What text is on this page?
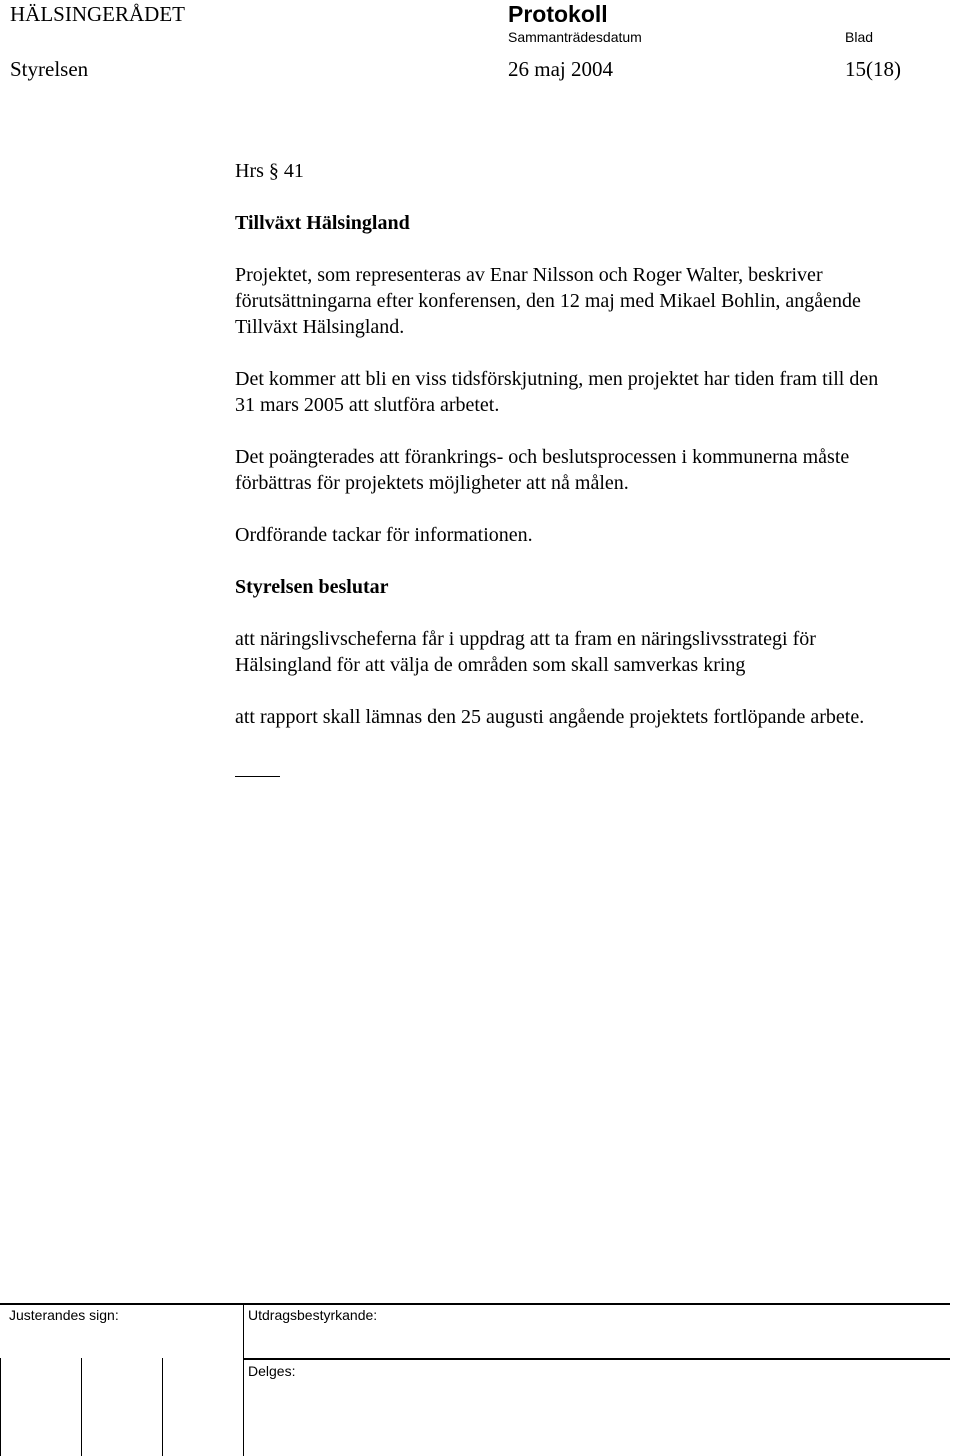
HÄLSINGERÅDET	Protokoll
Sammanträdesdatum	Blad
Styrelsen	26 maj 2004	15(18)
Hrs § 41
Tillväxt Hälsingland
Projektet, som representeras av Enar Nilsson och Roger Walter, beskriver
förutsättningarna efter konferensen, den 12 maj med Mikael Bohlin, angående
Tillväxt Hälsingland.
Det kommer att bli en viss tidsförskjutning, men projektet har tiden fram till den
31 mars 2005 att slutföra arbetet.
Det poängterades att förankrings- och beslutsprocessen i kommunerna måste
förbättras för projektets möjligheter att nå målen.
Ordförande tackar för informationen.
Styrelsen beslutar
att näringslivscheferna får i uppdrag att ta fram en näringslivsstrategi för
Hälsingland för att välja de områden som skall samverkas kring
att rapport skall lämnas den 25 augusti angående projektets fortlöpande arbete.
Justerandes sign:	Utdragsbestyrkande:
Delges:
